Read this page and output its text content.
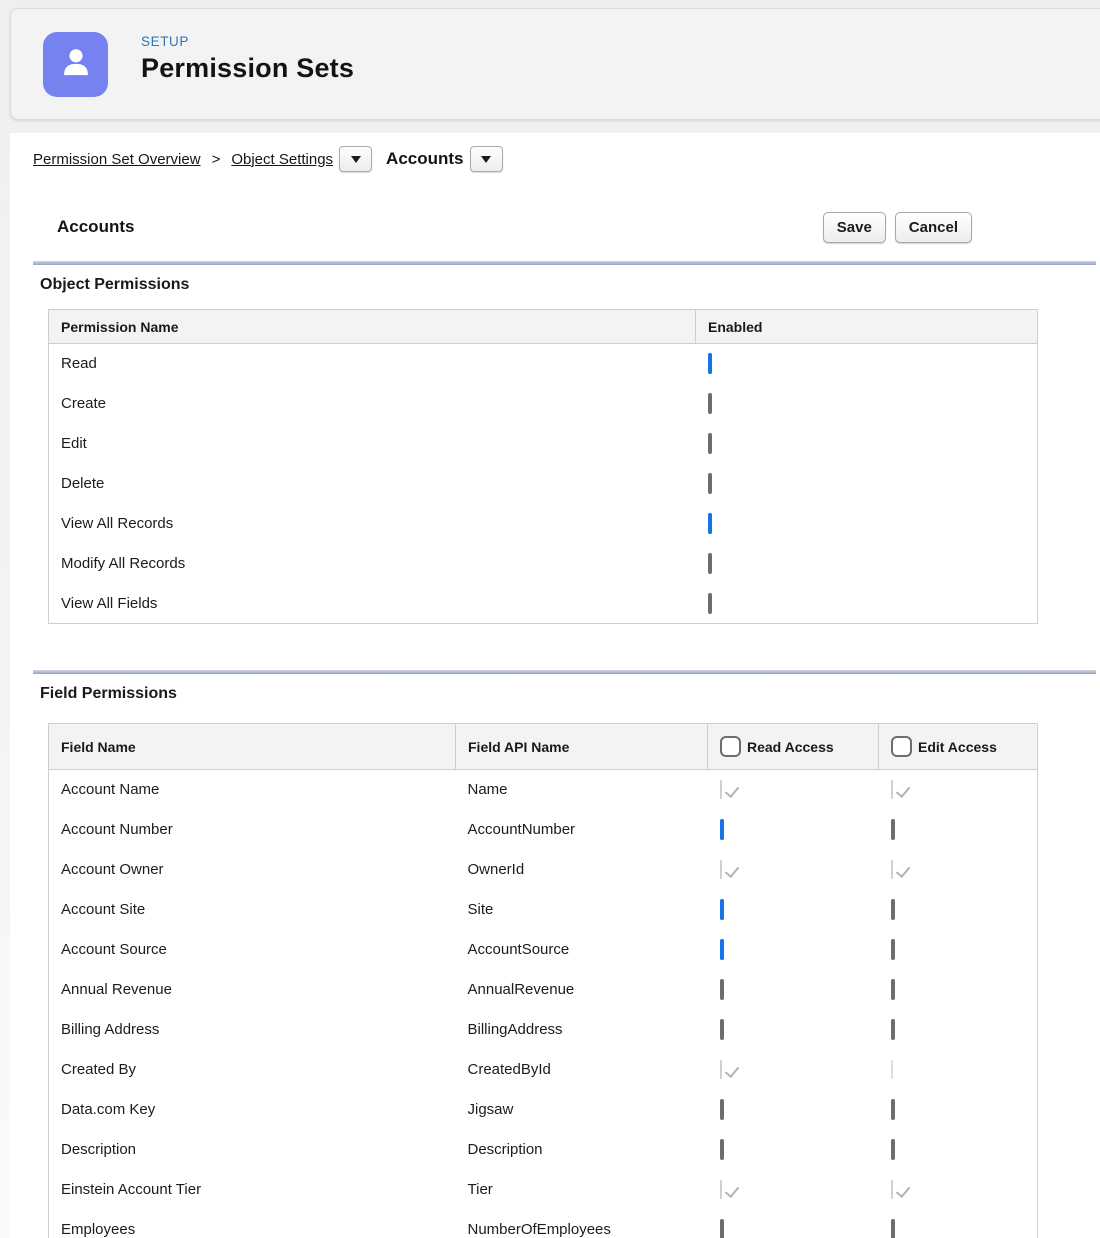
SETUP
Permission Sets
Permission Set Overview > Object Settings	Accounts
Accounts	Save	Cancel
Object Permissions
Permission Name	Enabled
Read	
Create	
Edit	
Delete	
View All Records	
Modify All Records	
View All Fields	
Field Permissions
Field Name	Field API Name	Read Access	Edit Access

Account Name	Name		
Account Number	AccountNumber		
Account Owner	OwnerId		
Account Site	Site		
Account Source	AccountSource		
Annual Revenue	AnnualRevenue		
Billing Address	BillingAddress		
Created By	CreatedById		
Data.com Key	Jigsaw		
Description	Description		
Einstein Account Tier	Tier		
Employees	NumberOfEmployees		
